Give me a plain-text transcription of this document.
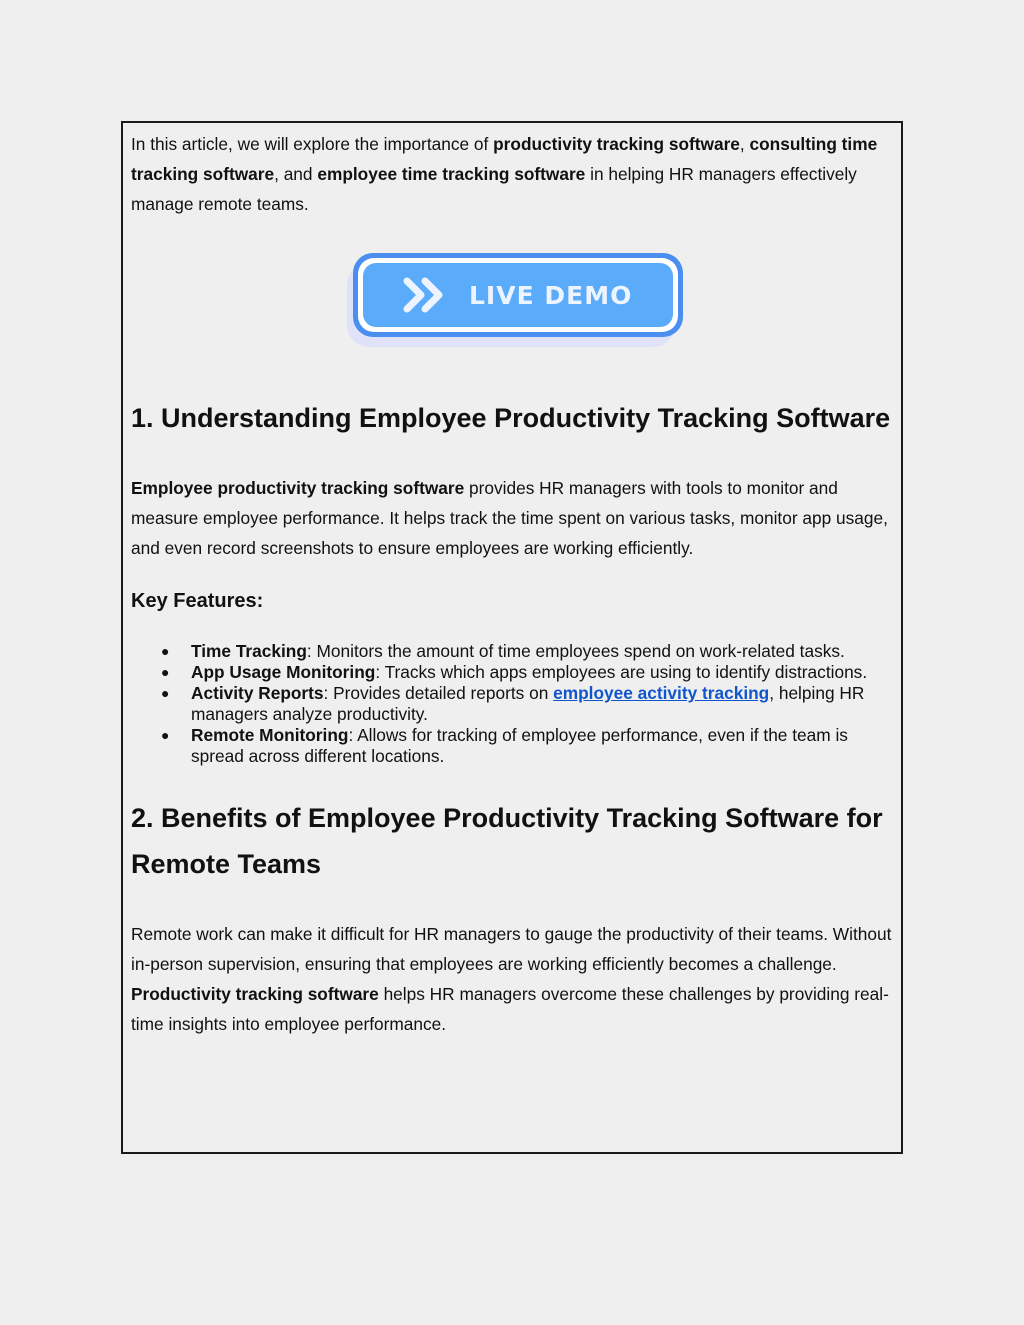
In this article, we will explore the importance of productivity tracking software, consulting time tracking software, and employee time tracking software in helping HR managers effectively manage remote teams.

LIVE DEMO
1. Understanding Employee Productivity Tracking Software

Employee productivity tracking software provides HR managers with tools to monitor and measure employee performance. It helps track the time spent on various tasks, monitor app usage, and even record screenshots to ensure employees are working efficiently.

Key Features:
● Time Tracking: Monitors the amount of time employees spend on work-related tasks.
● App Usage Monitoring: Tracks which apps employees are using to identify distractions.
● Activity Reports: Provides detailed reports on employee activity tracking, helping HR managers analyze productivity.
● Remote Monitoring: Allows for tracking of employee performance, even if the team is spread across different locations.
2. Benefits of Employee Productivity Tracking Software for Remote Teams

Remote work can make it difficult for HR managers to gauge the productivity of their teams. Without in-person supervision, ensuring that employees are working efficiently becomes a challenge. Productivity tracking software helps HR managers overcome these challenges by providing real-time insights into employee performance.
